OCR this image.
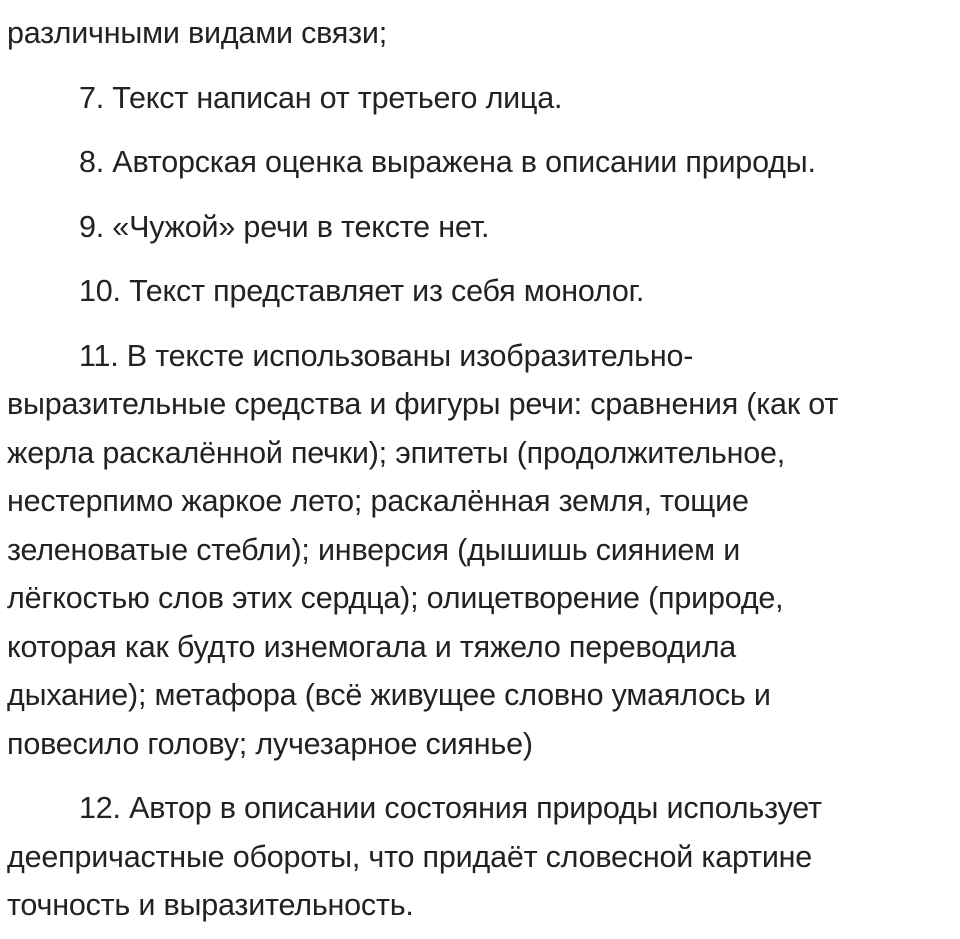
различными видами связи;

7. Текст написан от третьего лица.

8. Авторская оценка выражена в описании природы.

9. «Чужой» речи в тексте нет.

10. Текст представляет из себя монолог.

11. В тексте использованы изобразительно-
выразительные средства и фигуры речи: сравнения (как от
жерла раскалённой печки); эпитеты (продолжительное,
нестерпимо жаркое лето; раскалённая земля, тощие
зеленоватые стебли); инверсия (дышишь сиянием и
лёгкостью слов этих сердца); олицетворение (природе,
которая как будто изнемогала и тяжело переводила
дыхание); метафора (всё живущее словно умаялось и
повесило голову; лучезарное сиянье)

12. Автор в описании состояния природы использует
деепричастные обороты, что придаёт словесной картине
точность и выразительность.
